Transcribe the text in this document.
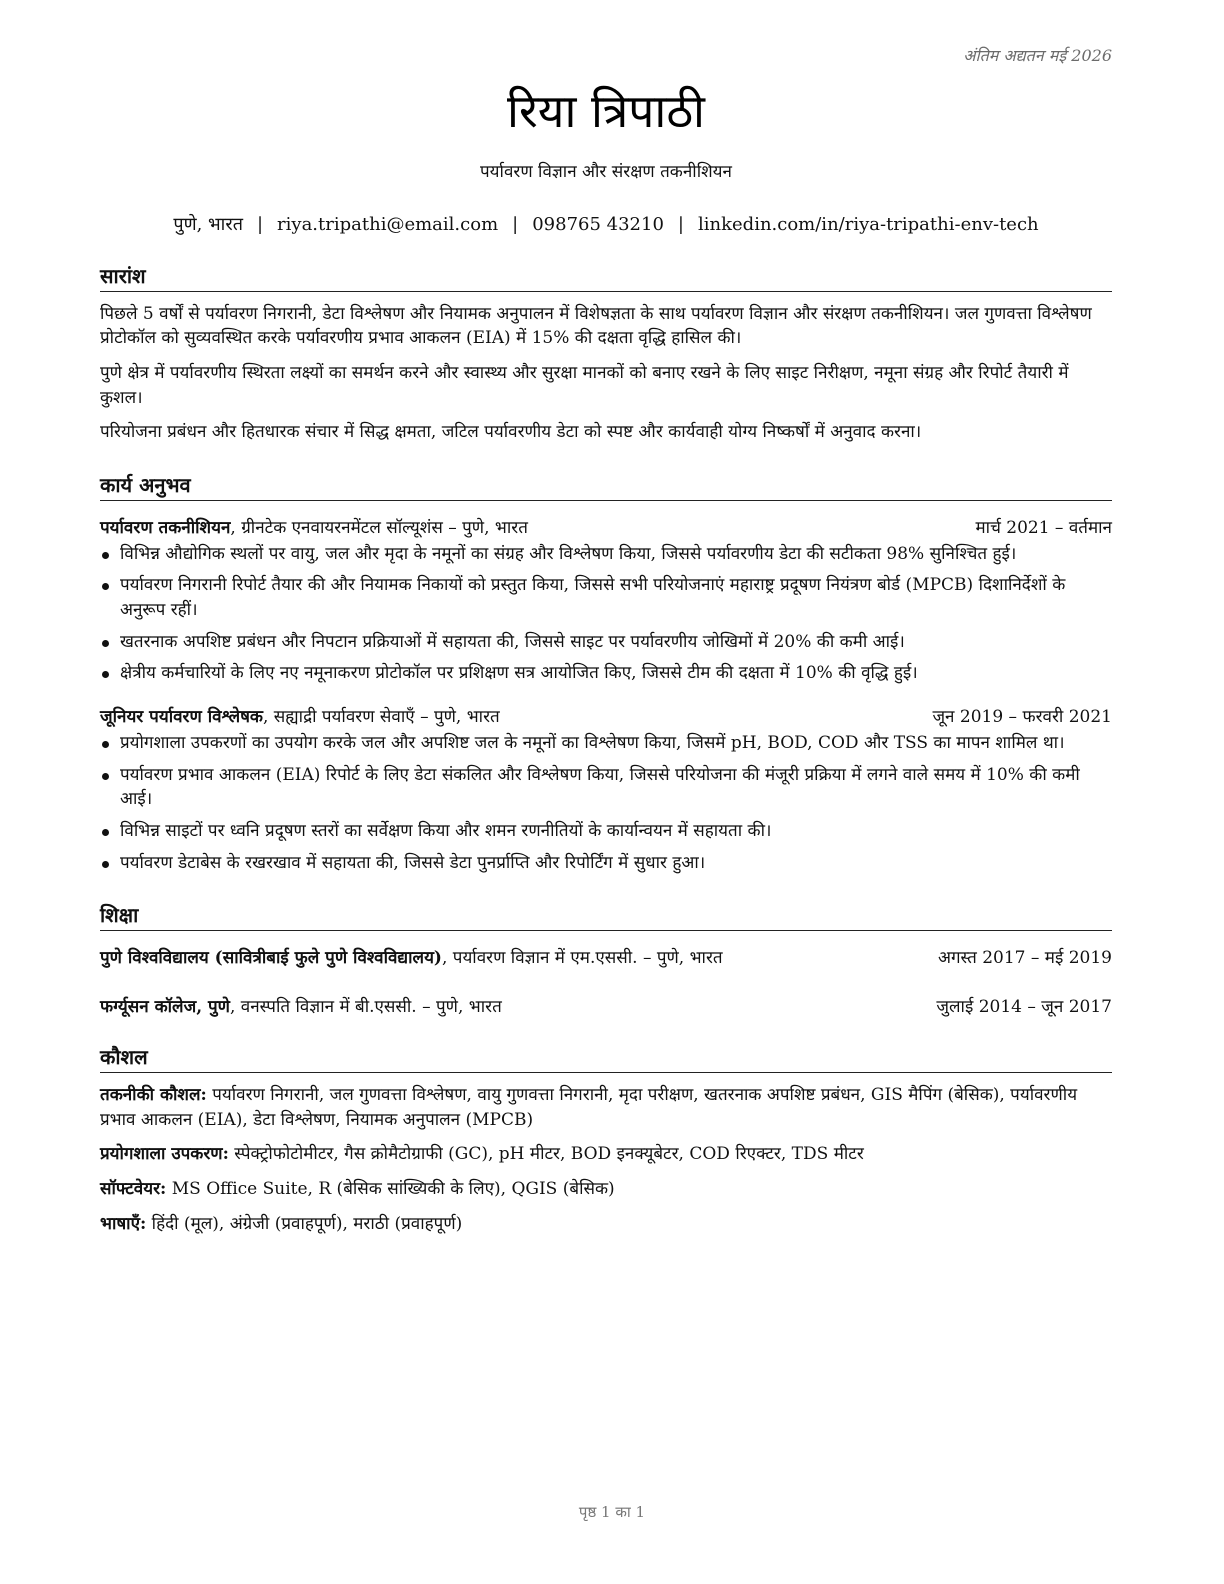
अंतिम अद्यतन मई 2026
रिया त्रिपाठी
पर्यावरण विज्ञान और संरक्षण तकनीशियन
पुणे, भारत | riya.tripathi@email.com | 098765 43210 | linkedin.com/in/riya-tripathi-env-tech
सारांश

पिछले 5 वर्षों से पर्यावरण निगरानी, डेटा विश्लेषण और नियामक अनुपालन में विशेषज्ञता के साथ पर्यावरण विज्ञान और संरक्षण तकनीशियन। जल गुणवत्ता विश्लेषण प्रोटोकॉल को सुव्यवस्थित करके पर्यावरणीय प्रभाव आकलन (EIA) में 15% की दक्षता वृद्धि हासिल की।

पुणे क्षेत्र में पर्यावरणीय स्थिरता लक्ष्यों का समर्थन करने और स्वास्थ्य और सुरक्षा मानकों को बनाए रखने के लिए साइट निरीक्षण, नमूना संग्रह और रिपोर्ट तैयारी में कुशल।

परियोजना प्रबंधन और हितधारक संचार में सिद्ध क्षमता, जटिल पर्यावरणीय डेटा को स्पष्ट और कार्यवाही योग्य निष्कर्षों में अनुवाद करना।

कार्य अनुभव
पर्यावरण तकनीशियन, ग्रीनटेक एनवायरनमेंटल सॉल्यूशंस – पुणे, भारत	मार्च 2021 – वर्तमान
विभिन्न औद्योगिक स्थलों पर वायु, जल और मृदा के नमूनों का संग्रह और विश्लेषण किया, जिससे पर्यावरणीय डेटा की सटीकता 98% सुनिश्चित हुई।
पर्यावरण निगरानी रिपोर्ट तैयार की और नियामक निकायों को प्रस्तुत किया, जिससे सभी परियोजनाएं महाराष्ट्र प्रदूषण नियंत्रण बोर्ड (MPCB) दिशानिर्देशों के अनुरूप रहीं।
खतरनाक अपशिष्ट प्रबंधन और निपटान प्रक्रियाओं में सहायता की, जिससे साइट पर पर्यावरणीय जोखिमों में 20% की कमी आई।
क्षेत्रीय कर्मचारियों के लिए नए नमूनाकरण प्रोटोकॉल पर प्रशिक्षण सत्र आयोजित किए, जिससे टीम की दक्षता में 10% की वृद्धि हुई।
जूनियर पर्यावरण विश्लेषक, सह्याद्री पर्यावरण सेवाएँ – पुणे, भारत	जून 2019 – फरवरी 2021
प्रयोगशाला उपकरणों का उपयोग करके जल और अपशिष्ट जल के नमूनों का विश्लेषण किया, जिसमें pH, BOD, COD और TSS का मापन शामिल था।
पर्यावरण प्रभाव आकलन (EIA) रिपोर्ट के लिए डेटा संकलित और विश्लेषण किया, जिससे परियोजना की मंजूरी प्रक्रिया में लगने वाले समय में 10% की कमी आई।
विभिन्न साइटों पर ध्वनि प्रदूषण स्तरों का सर्वेक्षण किया और शमन रणनीतियों के कार्यान्वयन में सहायता की।
पर्यावरण डेटाबेस के रखरखाव में सहायता की, जिससे डेटा पुनर्प्राप्ति और रिपोर्टिंग में सुधार हुआ।
शिक्षा
पुणे विश्वविद्यालय (सावित्रीबाई फुले पुणे विश्वविद्यालय), पर्यावरण विज्ञान में एम.एससी. – पुणे, भारत	अगस्त 2017 – मई 2019
फर्ग्यूसन कॉलेज, पुणे, वनस्पति विज्ञान में बी.एससी. – पुणे, भारत	जुलाई 2014 – जून 2017
कौशल
तकनीकी कौशल: पर्यावरण निगरानी, जल गुणवत्ता विश्लेषण, वायु गुणवत्ता निगरानी, मृदा परीक्षण, खतरनाक अपशिष्ट प्रबंधन, GIS मैपिंग (बेसिक), पर्यावरणीय प्रभाव आकलन (EIA), डेटा विश्लेषण, नियामक अनुपालन (MPCB)
प्रयोगशाला उपकरण: स्पेक्ट्रोफोटोमीटर, गैस क्रोमैटोग्राफी (GC), pH मीटर, BOD इनक्यूबेटर, COD रिएक्टर, TDS मीटर
सॉफ्टवेयर: MS Office Suite, R (बेसिक सांख्यिकी के लिए), QGIS (बेसिक)
भाषाएँ: हिंदी (मूल), अंग्रेजी (प्रवाहपूर्ण), मराठी (प्रवाहपूर्ण)
पृष्ठ 1 का 1
